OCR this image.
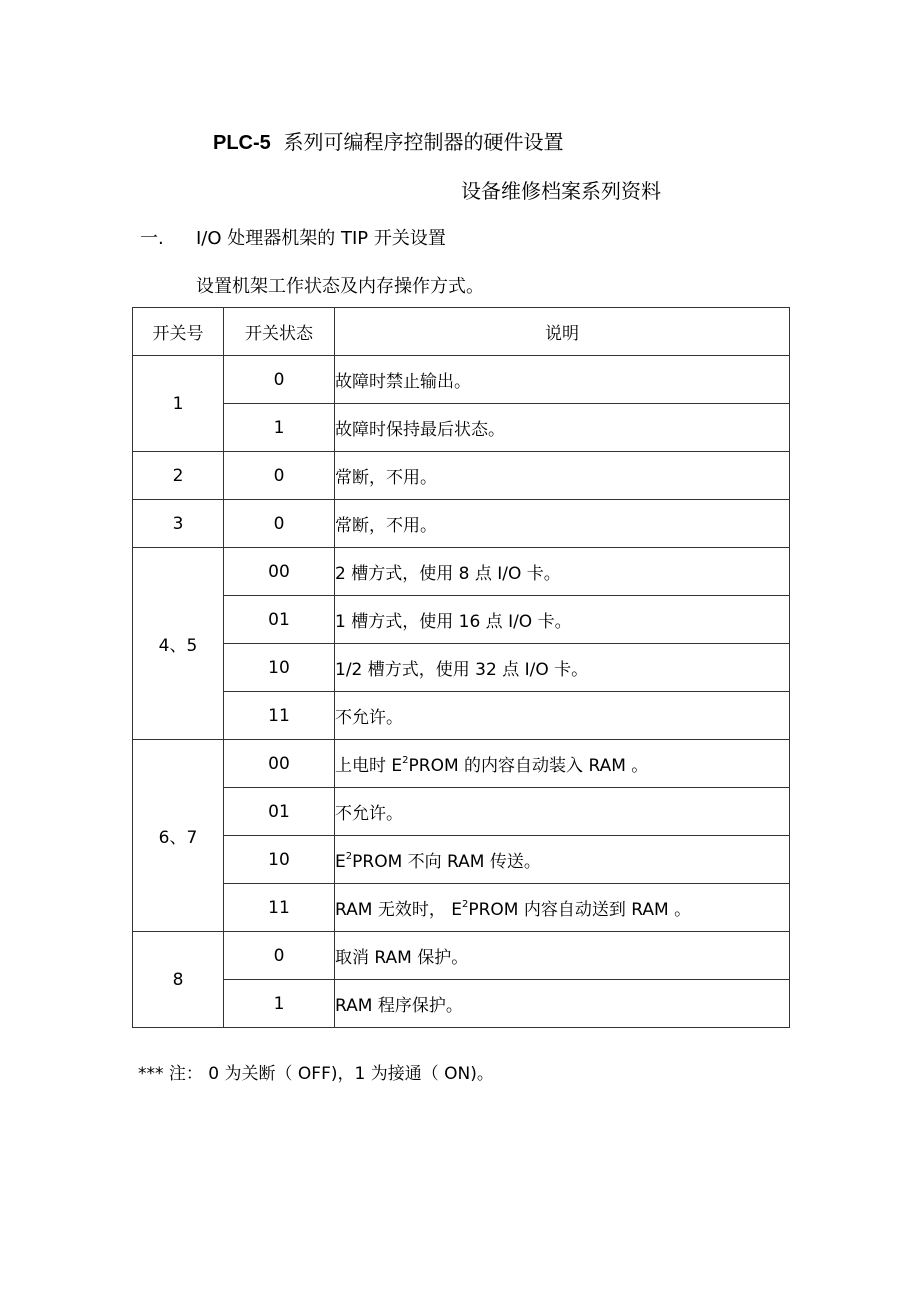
PLC-5 系列可编程序控制器的硬件设置
设备维修档案系列资料
一. I/O 处理器机架的 TIP 开关设置
设置机架工作状态及内存操作方式。
开关号	开关状态	说明
1	0	故障时禁止输出。
	1	故障时保持最后状态。
2	0	常断，不用。
3	0	常断，不用。
4、5	00	2 槽方式，使用 8 点 I/O 卡。
	01	1 槽方式，使用 16 点 I/O 卡。
	10	1/2 槽方式，使用 32 点 I/O 卡。
	11	不允许。
6、7	00	上电时 $E^2PROM$ 的内容自动装入 RAM 。
	01	不允许。
	10	$E^2PROM$ 不向 RAM 传送。
	11	RAM 无效时， $E^2PROM$ 内容自动送到 RAM 。
8	0	取消 RAM 保护。
	1	RAM 程序保护。
*** 注： 0 为关断（ OFF)，1 为接通（ ON)。
